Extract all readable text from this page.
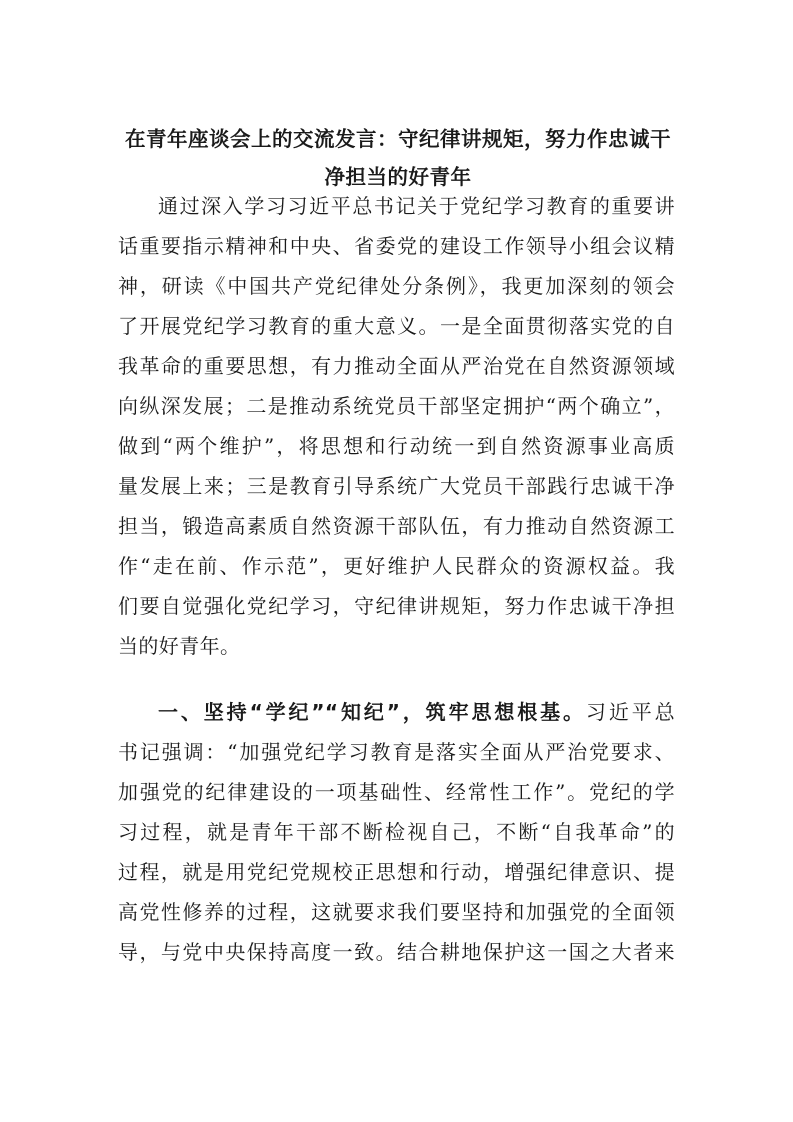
在青年座谈会上的交流发言：守纪律讲规矩，努力作忠诚干
净担当的好青年
通过深入学习习近平总书记关于党纪学习教育的重要讲
话重要指示精神和中央、省委党的建设工作领导小组会议精
神，研读《中国共产党纪律处分条例》，我更加深刻的领会
了开展党纪学习教育的重大意义。一是全面贯彻落实党的自
我革命的重要思想，有力推动全面从严治党在自然资源领域
向纵深发展；二是推动系统党员干部坚定拥护“两个确立”，
做到“两个维护”，将思想和行动统一到自然资源事业高质
量发展上来；三是教育引导系统广大党员干部践行忠诚干净
担当，锻造高素质自然资源干部队伍，有力推动自然资源工
作“走在前、作示范”，更好维护人民群众的资源权益。我
们要自觉强化党纪学习，守纪律讲规矩，努力作忠诚干净担
当的好青年。
一、坚持“学纪”“知纪”，筑牢思想根基。习近平总
书记强调：“加强党纪学习教育是落实全面从严治党要求、
加强党的纪律建设的一项基础性、经常性工作”。党纪的学
习过程，就是青年干部不断检视自己，不断“自我革命”的
过程，就是用党纪党规校正思想和行动，增强纪律意识、提
高党性修养的过程，这就要求我们要坚持和加强党的全面领
导，与党中央保持高度一致。结合耕地保护这一国之大者来
